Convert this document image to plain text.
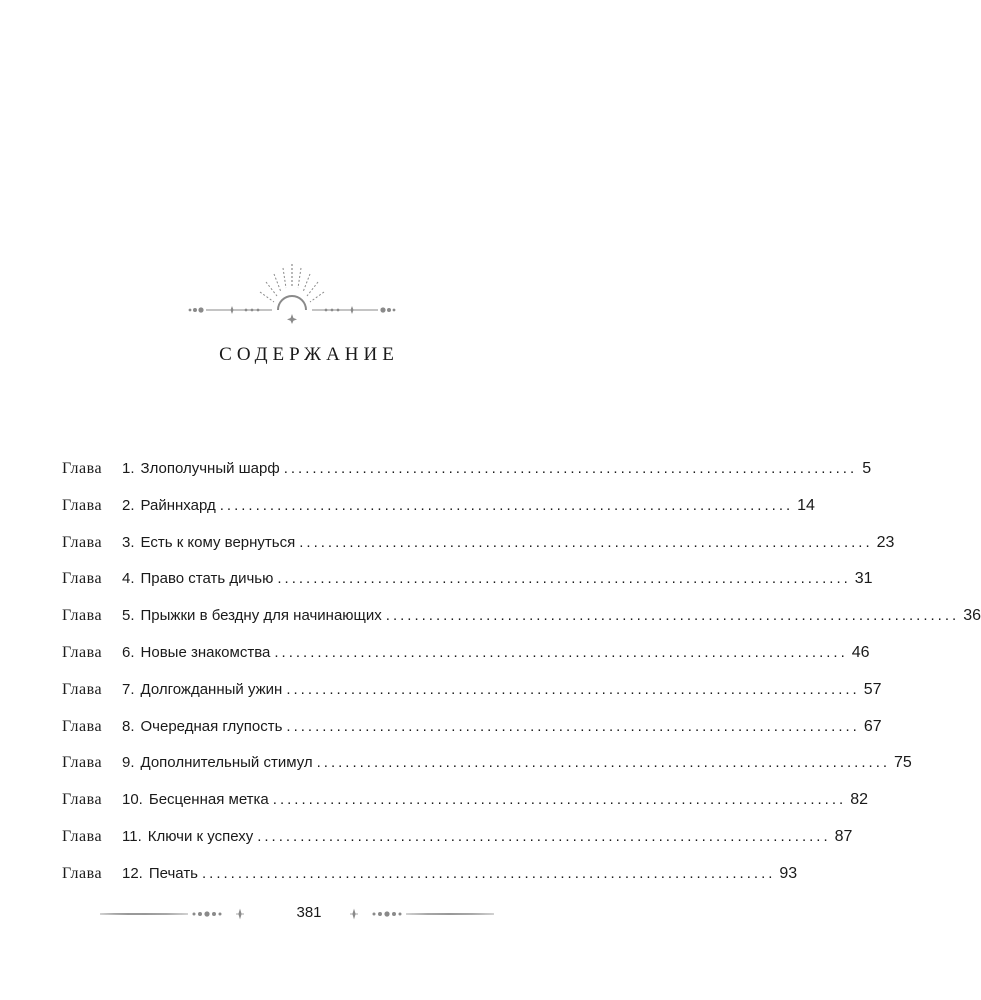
СОДЕРЖАНИЕ
Глава	1. Злополучный шарф ................................................................................ 5
Глава	2. Райннхард ................................................................................ 14
Глава	3. Есть к кому вернуться ................................................................................ 23
Глава	4. Право стать дичью ................................................................................ 31
Глава	5. Прыжки в бездну для начинающих ................................................................................ 36
Глава	6. Новые знакомства ................................................................................ 46
Глава	7. Долгожданный ужин ................................................................................ 57
Глава	8. Очередная глупость ................................................................................ 67
Глава	9. Дополнительный стимул ................................................................................ 75
Глава	10. Бесценная метка ................................................................................ 82
Глава	11. Ключи к успеху ................................................................................ 87
Глава	12. Печать ................................................................................ 93
381
